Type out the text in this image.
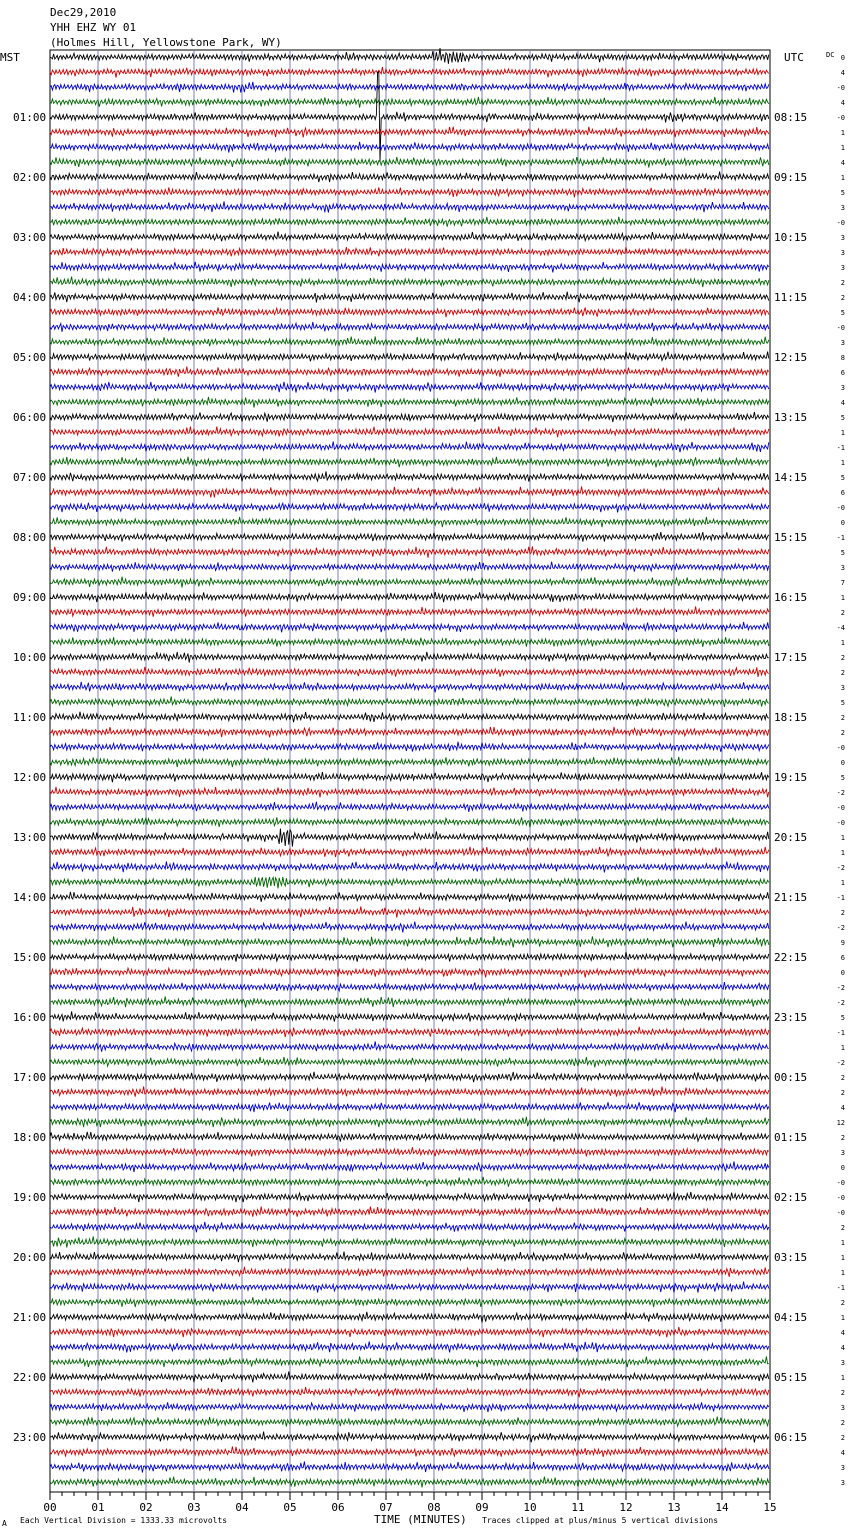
Dec29,2010
YHH EHZ WY 01
(Holmes Hill, Yellowstone Park, WY)
MST	UTC	DC
01:00
02:00
03:00
04:00
05:00
06:00
07:00
08:00
09:00
10:00
11:00
12:00
13:00
14:00
15:00
16:00
17:00
18:00
19:00
20:00
21:00
22:00
23:00
08:15
09:15
10:15
11:15
12:15
13:15
14:15
15:15
16:15
17:15
18:15
19:15
20:15
21:15
22:15
23:15
00:15
01:15
02:15
03:15
04:15
05:15
06:15
0
4
-0
4
-0
1
1
4
1
5
3
-0
3
3
3
2
2
5
-0
3
8
6
3
4
5
1
-1
1
5
6
-0
0
-1
5
3
7
1
2
-4
1
2
2
3
5
2
2
-0
0
5
-2
-0
-0
1
1
-2
1
-1
2
-2
9
6
0
-2
-2
5
-1
1
-2
2
2
4
12
2
3
0
-0
-0
-0
2
1
1
1
-1
2
1
4
4
3
1
2
3
2
2
4
3
3
00	01	02	03	04	05	06	07	08	09	10	11	12	13	14	15
TIME (MINUTES)
Each Vertical Division = 1333.33 microvolts	Traces clipped at plus/minus 5 vertical divisions
A
